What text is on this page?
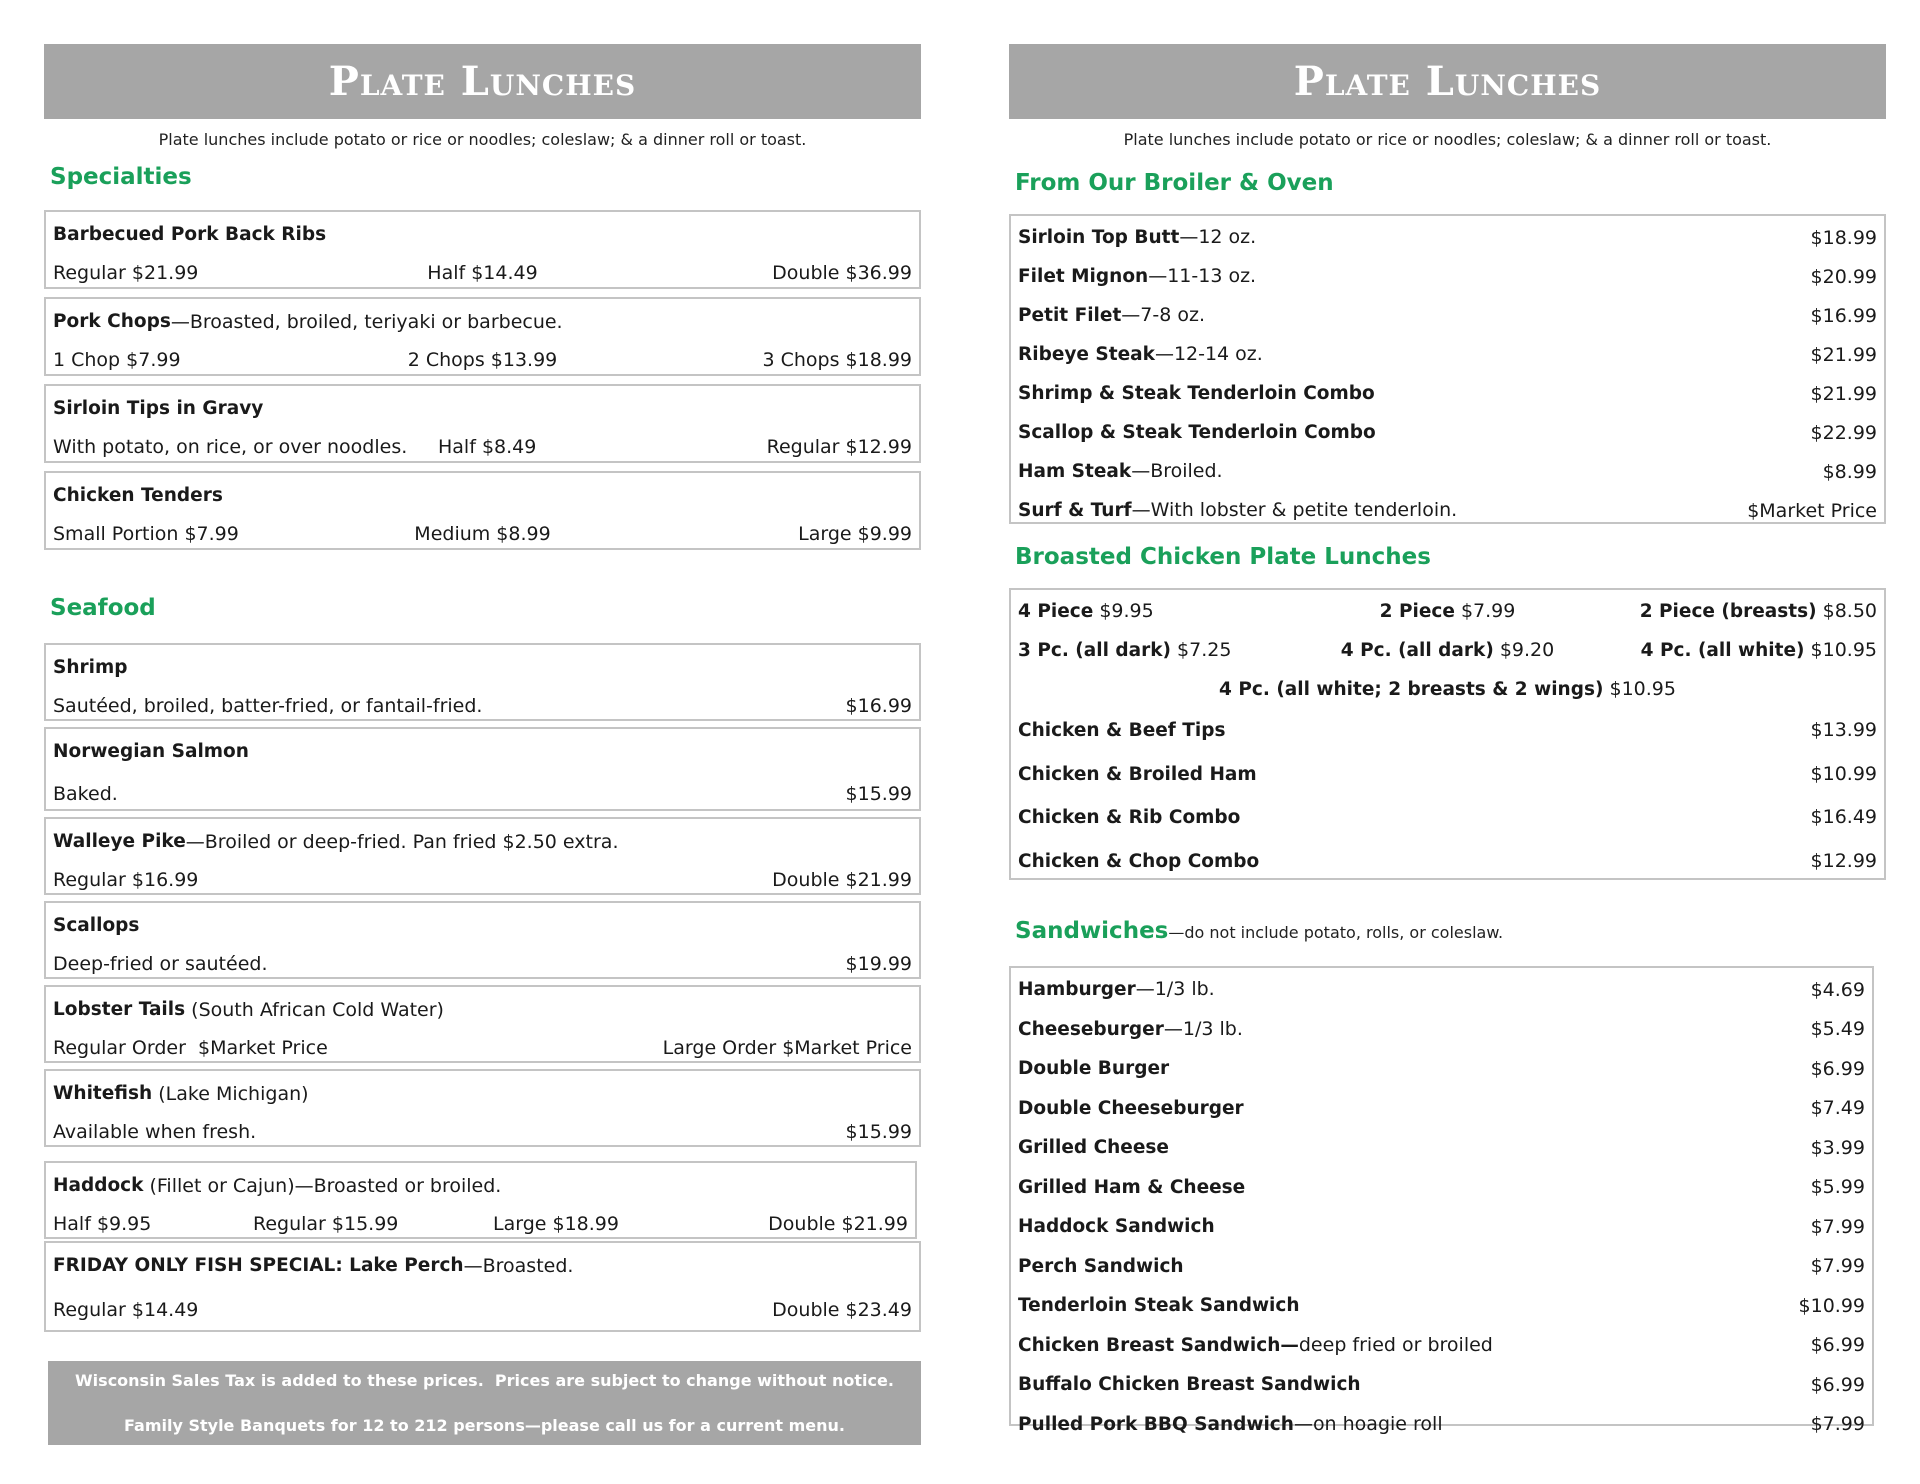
Plate Lunches
Plate lunches include potato or rice or noodles; coleslaw; & a dinner roll or toast.
Specialties
Barbecued Pork Back Ribs
Regular $21.99	Half $14.49	Double $36.99
Pork Chops —Broasted, broiled, teriyaki or barbecue.
1 Chop $7.99	2 Chops $13.99	3 Chops $18.99
Sirloin Tips in Gravy
With potato, on rice, or over noodles.	Half $8.49	Regular $12.99
Chicken Tenders
Small Portion $7.99	Medium $8.99	Large $9.99
Seafood
Shrimp
Sautéed, broiled, batter-fried, or fantail-fried.	$16.99
Norwegian Salmon
Baked.	$15.99
Walleye Pike —Broiled or deep-fried. Pan fried $2.50 extra.
Regular $16.99	Double $21.99
Scallops
Deep-fried or sautéed.	$19.99
Lobster Tails (South African Cold Water)
Regular Order  $Market Price	Large Order $Market Price
Whitefish (Lake Michigan)
Available when fresh.	$15.99
Haddock (Fillet or Cajun)—Broasted or broiled.
Half $9.95	Regular $15.99	Large $18.99	Double $21.99
FRIDAY ONLY FISH SPECIAL: Lake Perch —Broasted.
Regular $14.49	Double $23.49
Wisconsin Sales Tax is added to these prices.  Prices are subject to change without notice.
Family Style Banquets for 12 to 212 persons—please call us for a current menu.
Plate Lunches
Plate lunches include potato or rice or noodles; coleslaw; & a dinner roll or toast.
From Our Broiler & Oven
Sirloin Top Butt—12 oz.	$18.99
Filet Mignon—11-13 oz.	$20.99
Petit Filet—7-8 oz.	$16.99
Ribeye Steak—12-14 oz.	$21.99
Shrimp & Steak Tenderloin Combo	$21.99
Scallop & Steak Tenderloin Combo	$22.99
Ham Steak—Broiled.	$8.99
Surf & Turf—With lobster & petite tenderloin.	$Market Price
Broasted Chicken Plate Lunches
4 Piece $9.95	2 Piece $7.99	2 Piece (breasts) $8.50
3 Pc. (all dark) $7.25	4 Pc. (all dark) $9.20	4 Pc. (all white) $10.95
4 Pc. (all white; 2 breasts & 2 wings) $10.95
Chicken & Beef Tips	$13.99
Chicken & Broiled Ham	$10.99
Chicken & Rib Combo	$16.49
Chicken & Chop Combo	$12.99
Sandwiches—do not include potato, rolls, or coleslaw.
Hamburger—1/3 lb.	$4.69
Cheeseburger—1/3 lb.	$5.49
Double Burger	$6.99
Double Cheeseburger	$7.49
Grilled Cheese	$3.99
Grilled Ham & Cheese	$5.99
Haddock Sandwich	$7.99
Perch Sandwich	$7.99
Tenderloin Steak Sandwich	$10.99
Chicken Breast Sandwich—deep fried or broiled	$6.99
Buffalo Chicken Breast Sandwich	$6.99
Pulled Pork BBQ Sandwich—on hoagie roll	$7.99
